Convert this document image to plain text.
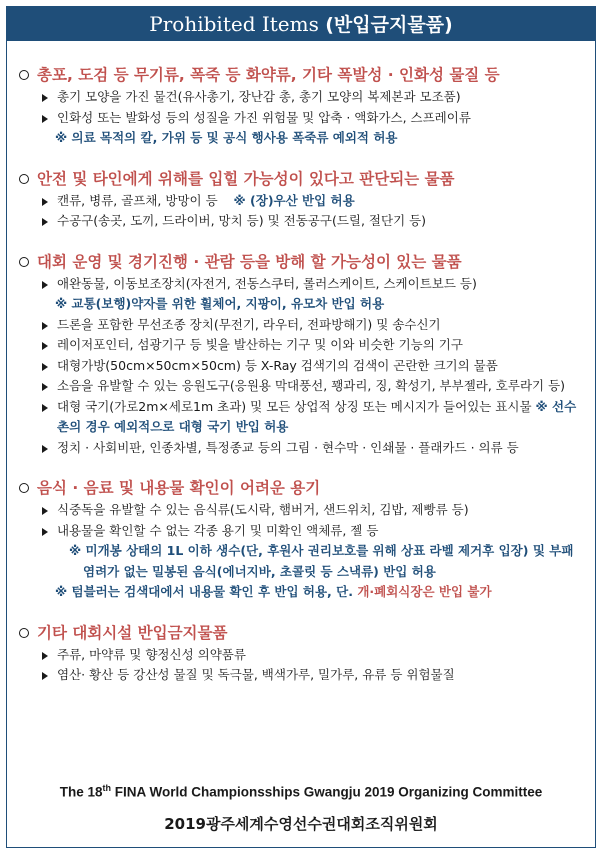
Prohibited Items (반입금지물품)
총포, 도검 등 무기류, 폭죽 등 화약류, 기타 폭발성 · 인화성 물질 등
총기 모양을 가진 물건(유사총기, 장난감 총, 총기 모양의 복제본과 모조품)
인화성 또는 발화성 등의 성질을 가진 위험물 및 압축 · 액화가스, 스프레이류
※ 의료 목적의 칼, 가위 등 및 공식 행사용 폭죽류 예외적 허용
안전 및 타인에게 위해를 입힐 가능성이 있다고 판단되는 물품
캔류, 병류, 골프채, 방망이 등 ※ (장)우산 반입 허용
수공구(송곳, 도끼, 드라이버, 망치 등) 및 전동공구(드릴, 절단기 등)
대회 운영 및 경기진행 · 관람 등을 방해 할 가능성이 있는 물품
애완동물, 이동보조장치(자전거, 전동스쿠터, 롤러스케이트, 스케이트보드 등)
※ 교통(보행)약자를 위한 휠체어, 지팡이, 유모차 반입 허용
드론을 포함한 무선조종 장치(무전기, 라우터, 전파방해기) 및 송수신기
레이저포인터, 섬광기구 등 빛을 발산하는 기구 및 이와 비슷한 기능의 기구
대형가방(50cm×50cm×50cm) 등 X-Ray 검색기의 검색이 곤란한 크기의 물품
소음을 유발할 수 있는 응원도구(응원용 막대풍선, 꽹과리, 징, 확성기, 부부젤라, 호루라기 등)
대형 국기(가로2m×세로1m 초과) 및 모든 상업적 상징 또는 메시지가 들어있는 표시물 ※ 선수촌의 경우 예외적으로 대형 국기 반입 허용
정치 · 사회비판, 인종차별, 특정종교 등의 그림 · 현수막 · 인쇄물 · 플래카드 · 의류 등
음식 · 음료 및 내용물 확인이 어려운 용기
식중독을 유발할 수 있는 음식류(도시락, 햄버거, 샌드위치, 김밥, 제빵류 등)
내용물을 확인할 수 없는 각종 용기 및 미확인 액체류, 젤 등
※ 미개봉 상태의 1L 이하 생수(단, 후원사 권리보호를 위해 상표 라벨 제거후 입장) 및 부패 염려가 없는 밀봉된 음식(에너지바, 초콜릿 등 스낵류) 반입 허용
※ 텀블러는 검색대에서 내용물 확인 후 반입 허용, 단. 개·폐회식장은 반입 불가
기타 대회시설 반입금지물품
주류, 마약류 및 향정신성 의약품류
염산· 황산 등 강산성 물질 및 독극물, 백색가루, 밀가루, 유류 등 위험물질
The 18th FINA World Championsships Gwangju 2019 Organizing Committee
2019광주세계수영선수권대회조직위원회
